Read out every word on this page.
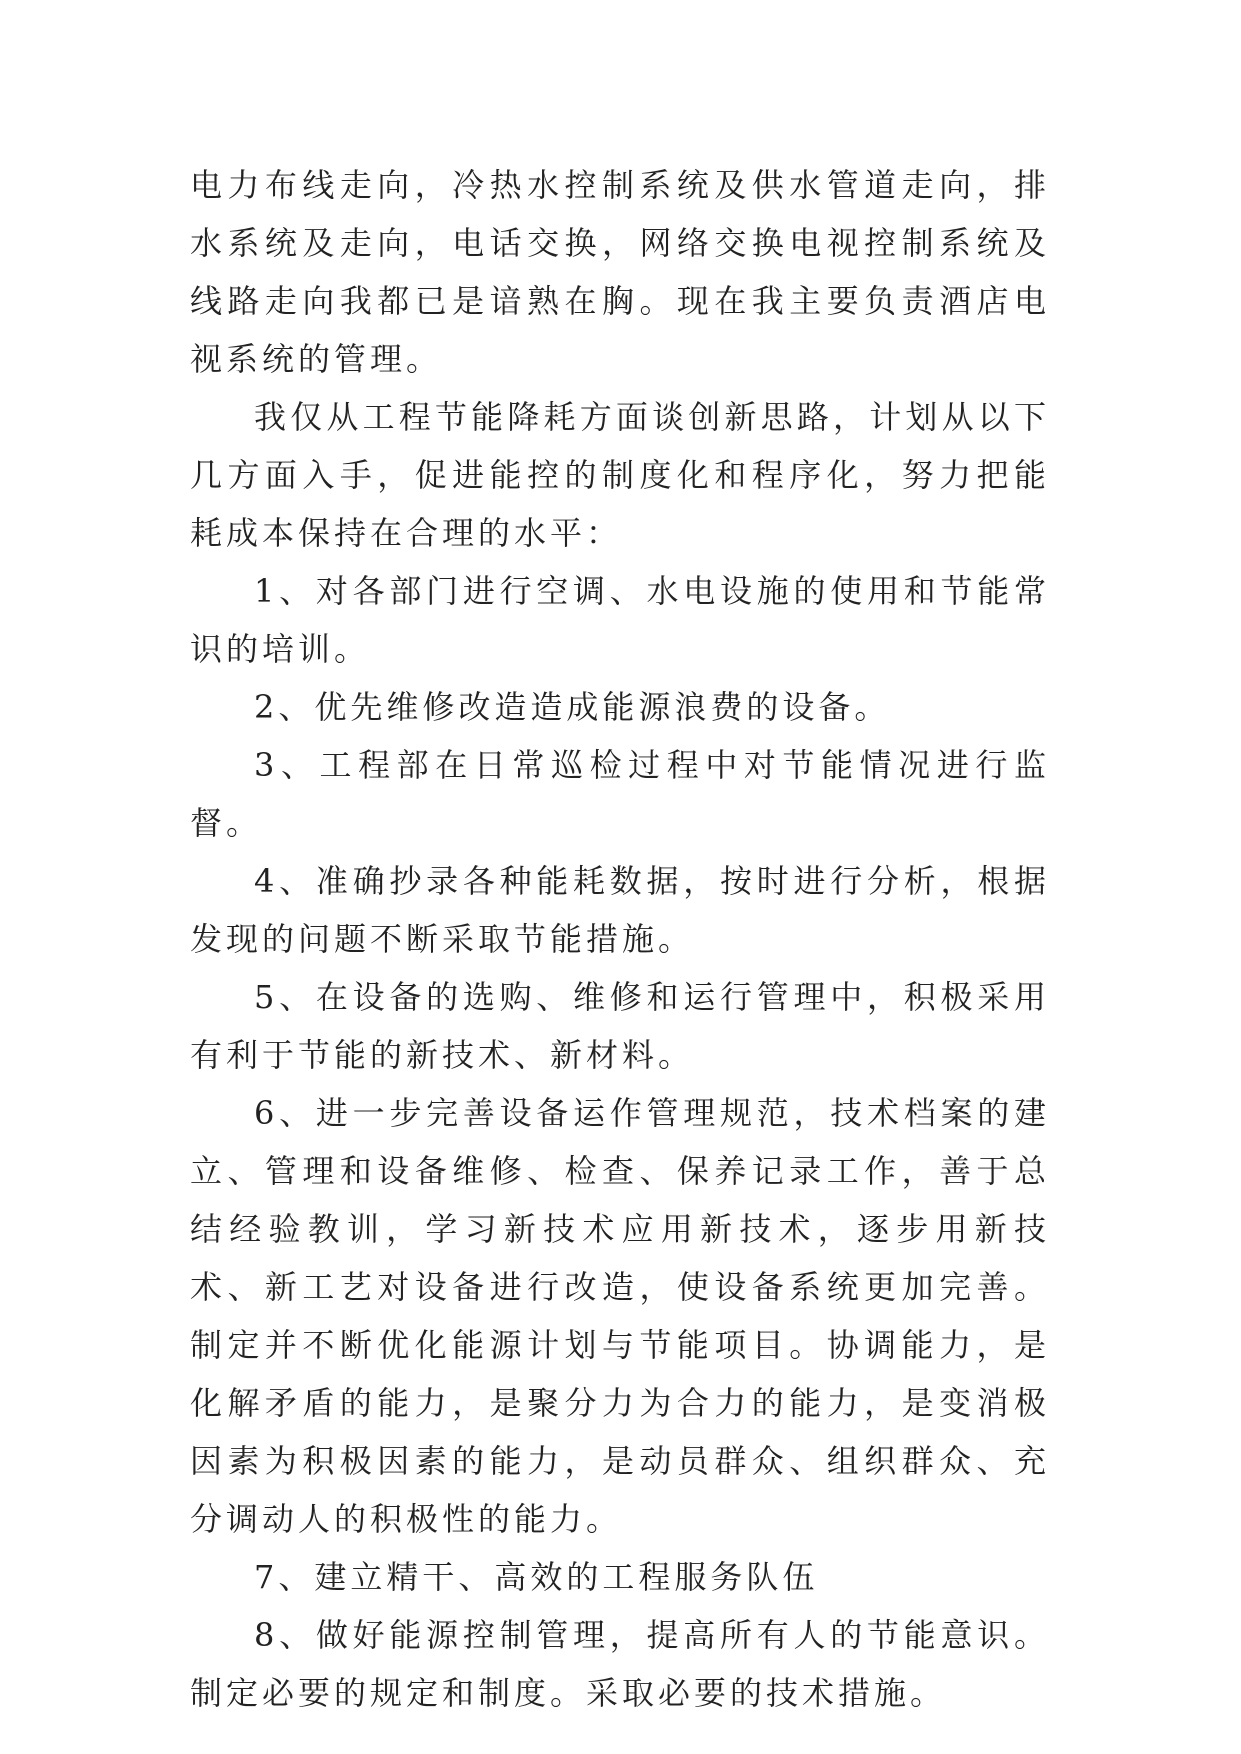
电力布线走向，冷热水控制系统及供水管道走向，排水系统及走向，电话交换，网络交换电视控制系统及线路走向我都已是谙熟在胸。现在我主要负责酒店电视系统的管理。

我仅从工程节能降耗方面谈创新思路，计划从以下几方面入手，促进能控的制度化和程序化，努力把能耗成本保持在合理的水平：

1、对各部门进行空调、水电设施的使用和节能常识的培训。

2、优先维修改造造成能源浪费的设备。

3、工程部在日常巡检过程中对节能情况进行监督。

4、准确抄录各种能耗数据，按时进行分析，根据发现的问题不断采取节能措施。

5、在设备的选购、维修和运行管理中，积极采用有利于节能的新技术、新材料。

6、进一步完善设备运作管理规范，技术档案的建立、管理和设备维修、检查、保养记录工作，善于总结经验教训，学习新技术应用新技术，逐步用新技术、新工艺对设备进行改造，使设备系统更加完善。制定并不断优化能源计划与节能项目。协调能力，是化解矛盾的能力，是聚分力为合力的能力，是变消极因素为积极因素的能力，是动员群众、组织群众、充分调动人的积极性的能力。

7、建立精干、高效的工程服务队伍

8、做好能源控制管理，提高所有人的节能意识。制定必要的规定和制度。采取必要的技术措施。
